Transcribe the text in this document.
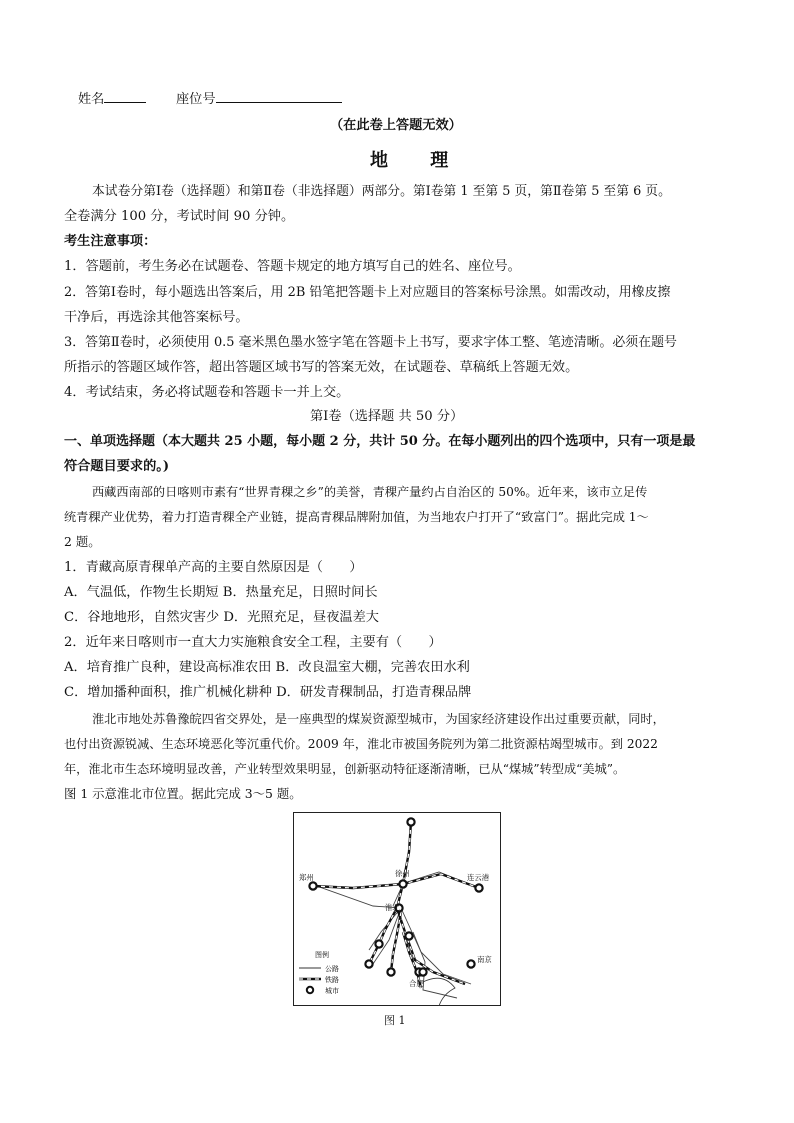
姓名	座位号
（在此卷上答题无效）
地 理
本试卷分第Ⅰ卷（选择题）和第Ⅱ卷（非选择题）两部分。第Ⅰ卷第 1 至第 5 页，第Ⅱ卷第 5 至第 6 页。
全卷满分 100 分，考试时间 90 分钟。
考生注意事项：
1．答题前，考生务必在试题卷、答题卡规定的地方填写自己的姓名、座位号。
2．答第Ⅰ卷时，每小题选出答案后，用 2B 铅笔把答题卡上对应题目的答案标号涂黑。如需改动，用橡皮擦
干净后，再选涂其他答案标号。
3．答第Ⅱ卷时，必须使用 0.5 毫米黑色墨水签字笔在答题卡上书写，要求字体工整、笔迹清晰。必须在题号
所指示的答题区域作答，超出答题区域书写的答案无效，在试题卷、草稿纸上答题无效。
4．考试结束，务必将试题卷和答题卡一并上交。
第Ⅰ卷（选择题 共 50 分）
一、单项选择题（本大题共 25 小题，每小题 2 分，共计 50 分。在每小题列出的四个选项中，只有一项是最
符合题目要求的。)
西藏西南部的日喀则市素有“世界青稞之乡”的美誉，青稞产量约占自治区的 50%。近年来，该市立足传
统青稞产业优势，着力打造青稞全产业链，提高青稞品牌附加值，为当地农户打开了“致富门”。据此完成 1～
2 题。
1．青藏高原青稞单产高的主要自然原因是（　　）
A．气温低，作物生长期短 B．热量充足，日照时间长
C．谷地地形，自然灾害少 D．光照充足，昼夜温差大
2．近年来日喀则市一直大力实施粮食安全工程，主要有（　　）
A．培育推广良种，建设高标准农田 B．改良温室大棚，完善农田水利
C．增加播种面积，推广机械化耕种 D．研发青稞制品，打造青稞品牌
淮北市地处苏鲁豫皖四省交界处，是一座典型的煤炭资源型城市，为国家经济建设作出过重要贡献，同时，
也付出资源锐减、生态环境恶化等沉重代价。2009 年，淮北市被国务院列为第二批资源枯竭型城市。到 2022
年，淮北市生态环境明显改善，产业转型效果明显，创新驱动特征逐渐清晰，已从“煤城”转型成“美城”。
图 1 示意淮北市位置。据此完成 3～5 题。
郑州	徐州	连云港
淮北
南京
合肥
图例
公路
铁路
城市
图 1
